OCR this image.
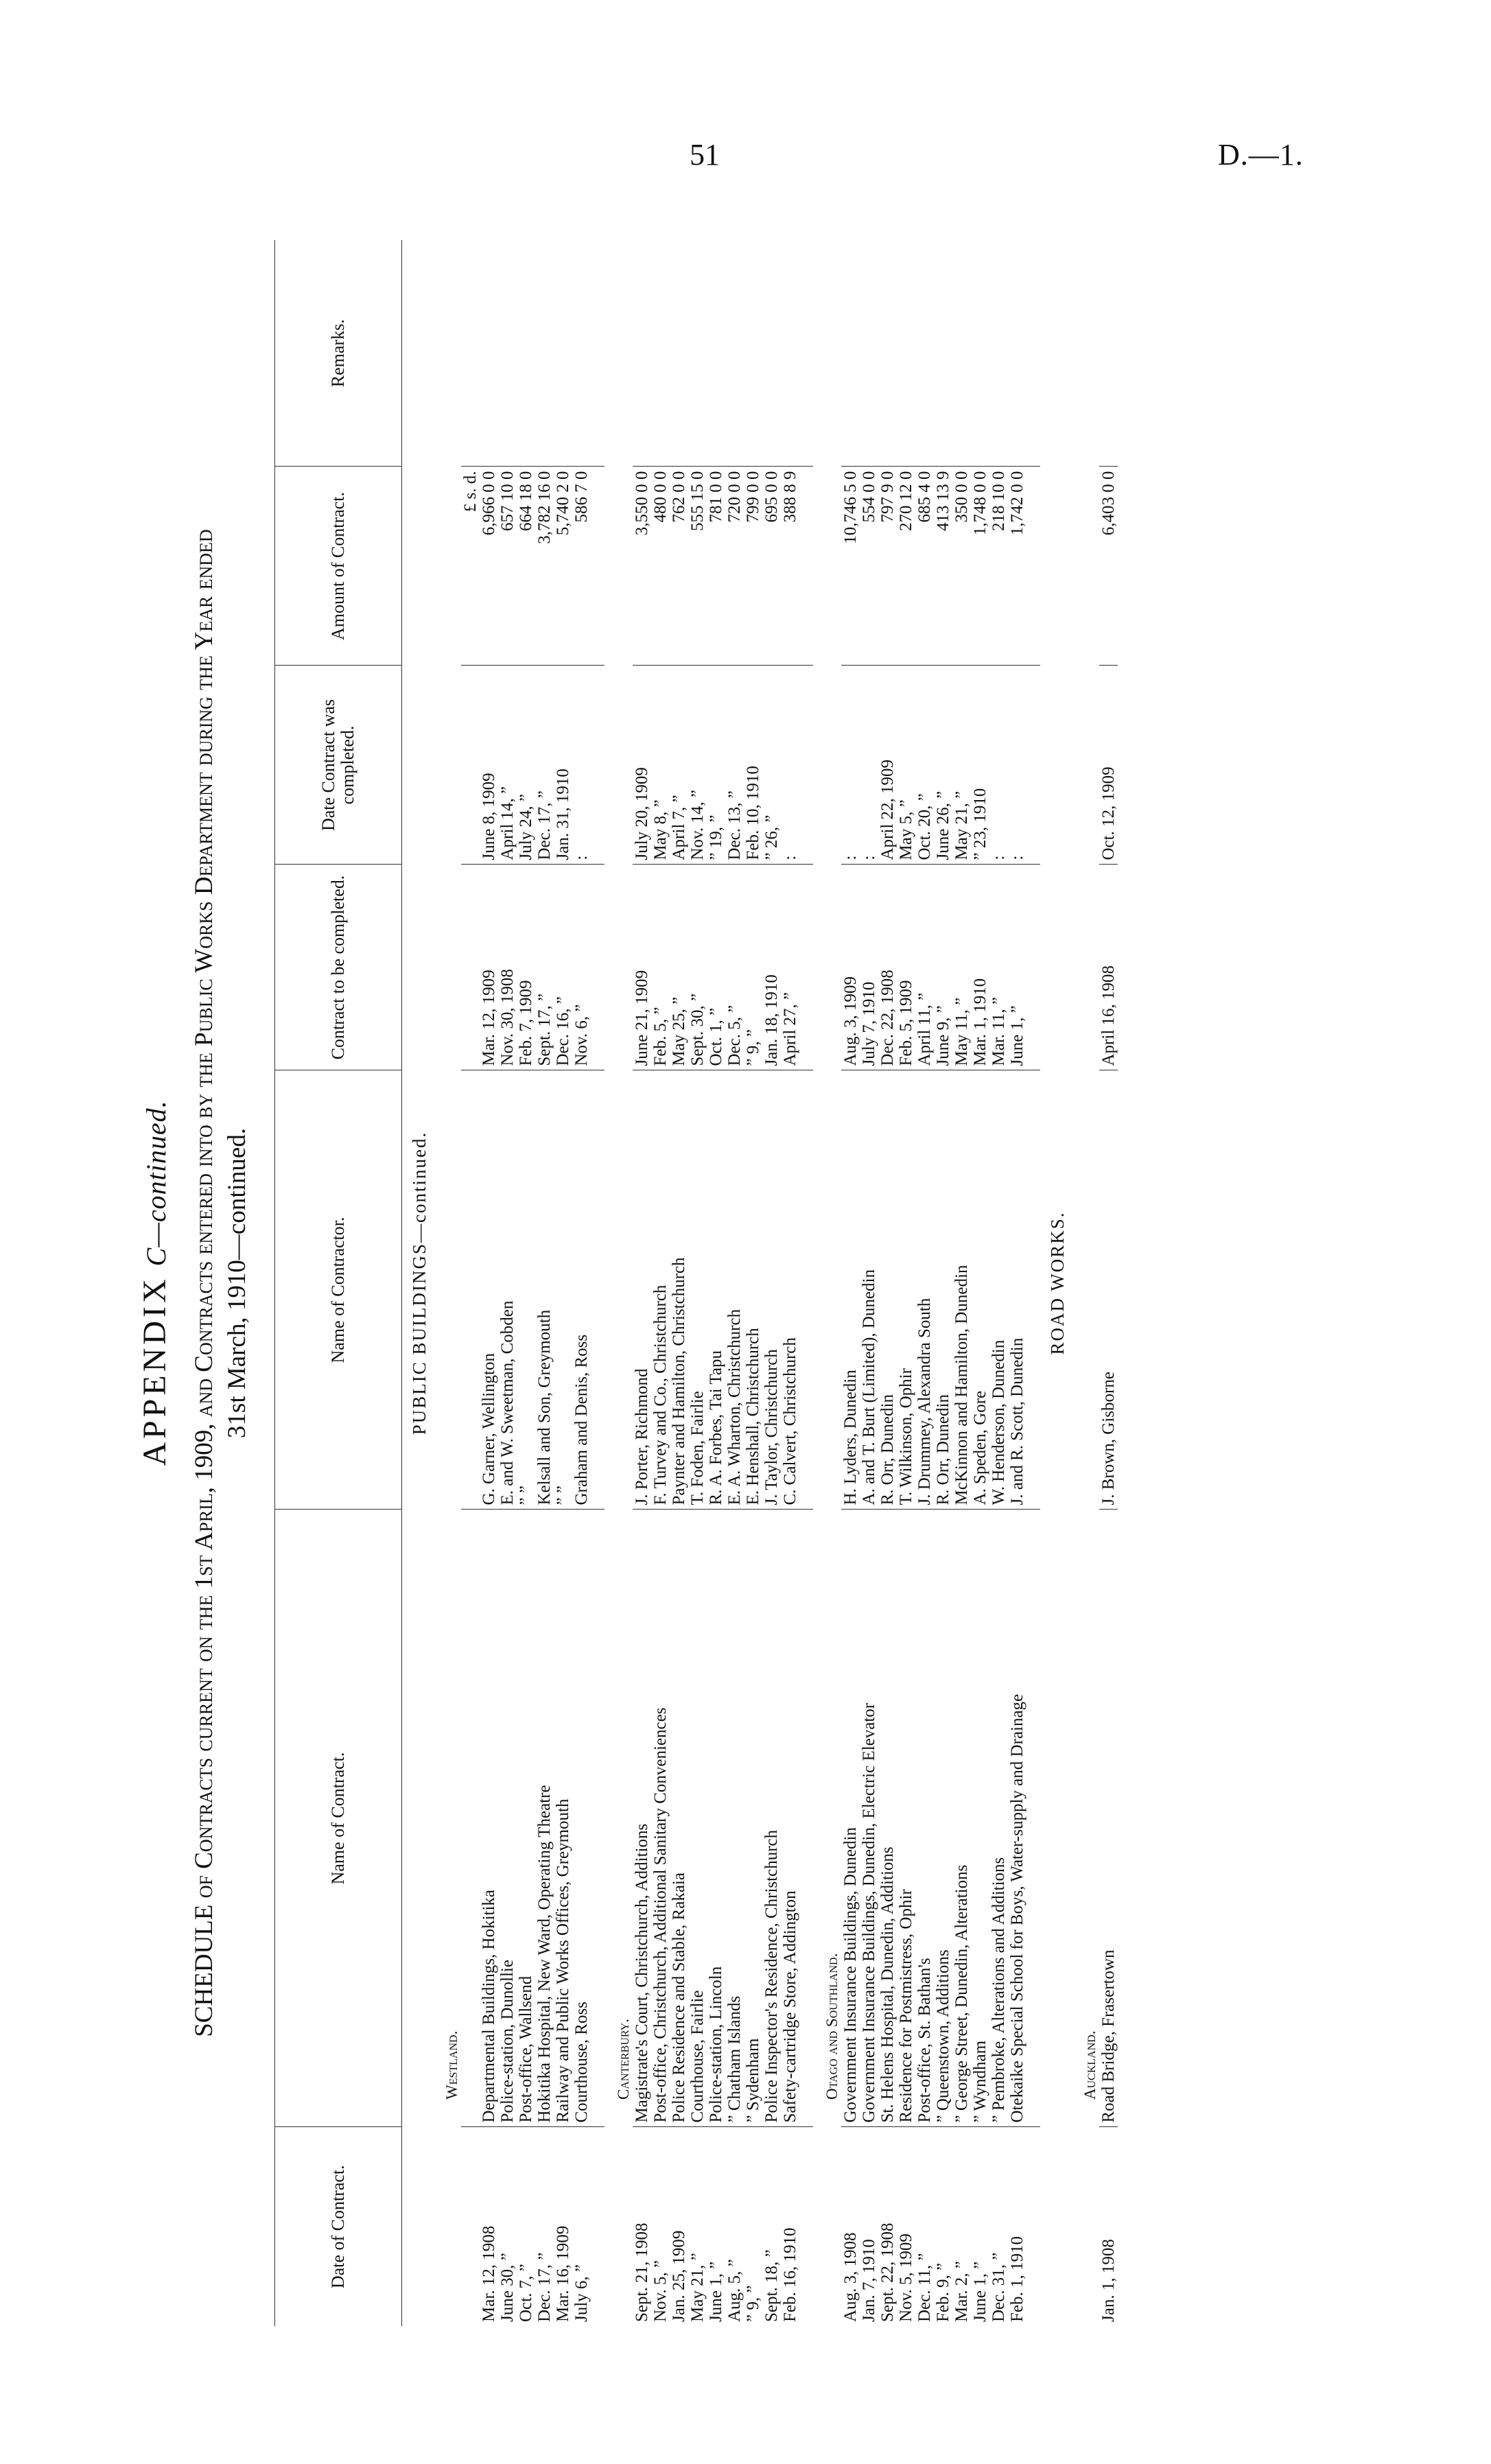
51	D.—1.
APPENDIXC—continued. SCHEDULE of Contracts current on the 1st April, 1909, and Contracts entered into by the Public Works Department during the Year ended 31st March, 1910—continued.
Date of Contract.	Name of Contract.	Name of Contractor.	Contract to be completed.	Date Contract was completed.	Amount of Contract.	Remarks.
PUBLIC BUILDINGS—continued.						
Westland.						
					£ s. d.	
Mar. 12, 1908	Departmental Buildings, Hokitika	G. Garner, Wellington	Mar. 12, 1909	June 8, 1909	6,966 0 0	
June 30, ”	Police-station, Dunollie	E. and W. Sweetman, Cobden	Nov. 30, 1908	April 14, ”	657 10 0	
Oct. 7, ”	Post-office, Wallsend	” ”	Feb. 7, 1909	July 24, ”	664 18 0	
Dec. 17, ”	Hokitika Hospital, New Ward, Operating Theatre	Kelsall and Son, Greymouth	Sept. 17, ”	Dec. 17, ”	3,782 16 0	
Mar. 16, 1909	Railway and Public Works Offices, Greymouth	” ”	Dec. 16, ”	Jan. 31, 1910	5,740 2 0	
July 6, ”	Courthouse, Ross	Graham and Denis, Ross	Nov. 6, ”	:	586 7 0	

Canterbury.						
Sept. 21, 1908	Magistrate's Court, Christchurch, Additions	J. Porter, Richmond	June 21, 1909	July 20, 1909	3,550 0 0	
Nov. 5, ”	Post-office, Christchurch, Additional Sanitary Conveniences	F. Turvey and Co., Christchurch	Feb. 5, ”	May 8, ”	480 0 0	
Jan. 25, 1909	Police Residence and Stable, Rakaia	Paynter and Hamilton, Christchurch	May 25, ”	April 7, ”	762 0 0	
May 21, ”	Courthouse, Fairlie	T. Foden, Fairlie	Sept. 30, ”	Nov. 14, ”	555 15 0	
June 1, ”	Police-station, Lincoln	R. A. Forbes, Tai Tapu	Oct. 1, ”	” 19, ”	781 0 0	
Aug. 5, ”	” Chatham Islands	E. A. Wharton, Christchurch	Dec. 5, ”	Dec. 13, ”	720 0 0	
” 9, ”	” Sydenham	E. Henshall, Christchurch	” 9, ”	Feb. 10, 1910	799 0 0	
Sept. 18, ”	Police Inspector's Residence, Christchurch	J. Taylor, Christchurch	Jan. 18, 1910	” 26, ”	695 0 0	
Feb. 16, 1910	Safety-cartridge Store, Addington	C. Calvert, Christchurch	April 27, ”	:	388 8 9	

Otago and Southland.						
Aug. 3, 1908	Government Insurance Buildings, Dunedin	H. Lyders, Dunedin	Aug. 3, 1909	:	10,746 5 0	
Jan. 7, 1910	Government Insurance Buildings, Dunedin, Electric Elevator	A. and T. Burt (Limited), Dunedin	July 7, 1910	:	554 0 0	
Sept. 22, 1908	St. Helens Hospital, Dunedin, Additions	R. Orr, Dunedin	Dec. 22, 1908	April 22, 1909	797 9 0	
Nov. 5, 1909	Residence for Postmistress, Ophir	T. Wilkinson, Ophir	Feb. 5, 1909	May 5, ”	270 12 0	
Dec. 11, ”	Post-office, St. Bathan's	J. Drummey, Alexandra South	April 11, ”	Oct. 20, ”	685 4 0	
Feb. 9, ”	” Queenstown, Additions	R. Orr, Dunedin	June 9, ”	June 26, ”	413 13 9	
Mar. 2, ”	” George Street, Dunedin, Alterations	McKinnon and Hamilton, Dunedin	May 11, ”	May 21, ”	350 0 0	
June 1, ”	” Wyndham	A. Speden, Gore	Mar. 1, 1910	” 23, 1910	1,748 0 0	
Dec. 31, ”	” Pembroke, Alterations and Additions	W. Henderson, Dunedin	Mar. 11, ”	:	218 10 0	
Feb. 1, 1910	Otekaike Special School for Boys, Water-supply and Drainage	J. and R. Scott, Dunedin	June 1, ”	:	1,742 0 0	

ROAD WORKS.						
Auckland.						
Jan. 1, 1908	Road Bridge, Frasertown	J. Brown, Gisborne	April 16, 1908	Oct. 12, 1909	6,403 0 0	
